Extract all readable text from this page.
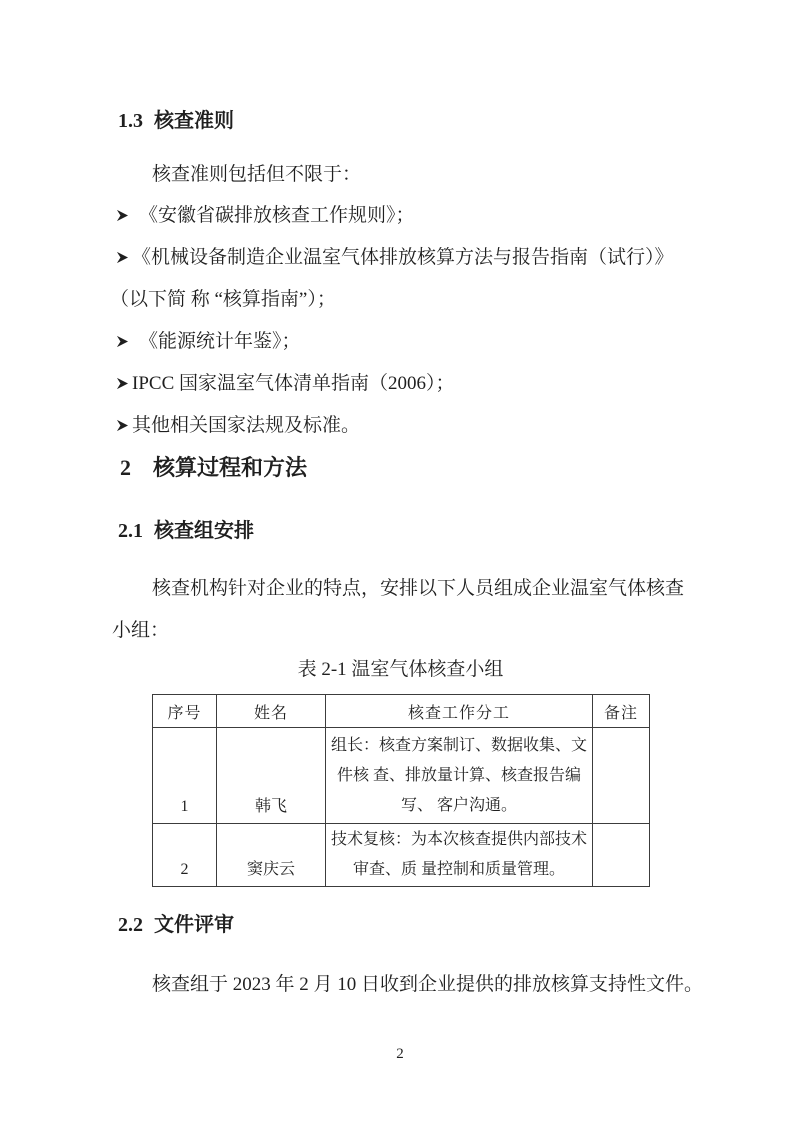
1.3 核查准则
核查准则包括但不限于：
《安徽省碳排放核查工作规则》；
《机械设备制造企业温室气体排放核算方法与报告指南（试行）》
（以下简 称 “核算指南”）；
《能源统计年鉴》；
IPCC 国家温室气体清单指南（2006）；
其他相关国家法规及标准。
2 核算过程和方法
2.1 核查组安排
核查机构针对企业的特点，安排以下人员组成企业温室气体核查
小组：
表 2-1 温室气体核查小组
序号	姓名	核查工作分工	备注
1	韩飞	组长：核查方案制订、数据收集、文
件核 查、排放量计算、核查报告编
写、 客户沟通。	

2	窦庆云	技术复核：为本次核查提供内部技术
审查、质 量控制和质量管理。	

2.2 文件评审
核查组于 2023 年 2 月 10 日收到企业提供的排放核算支持性文件。
2
